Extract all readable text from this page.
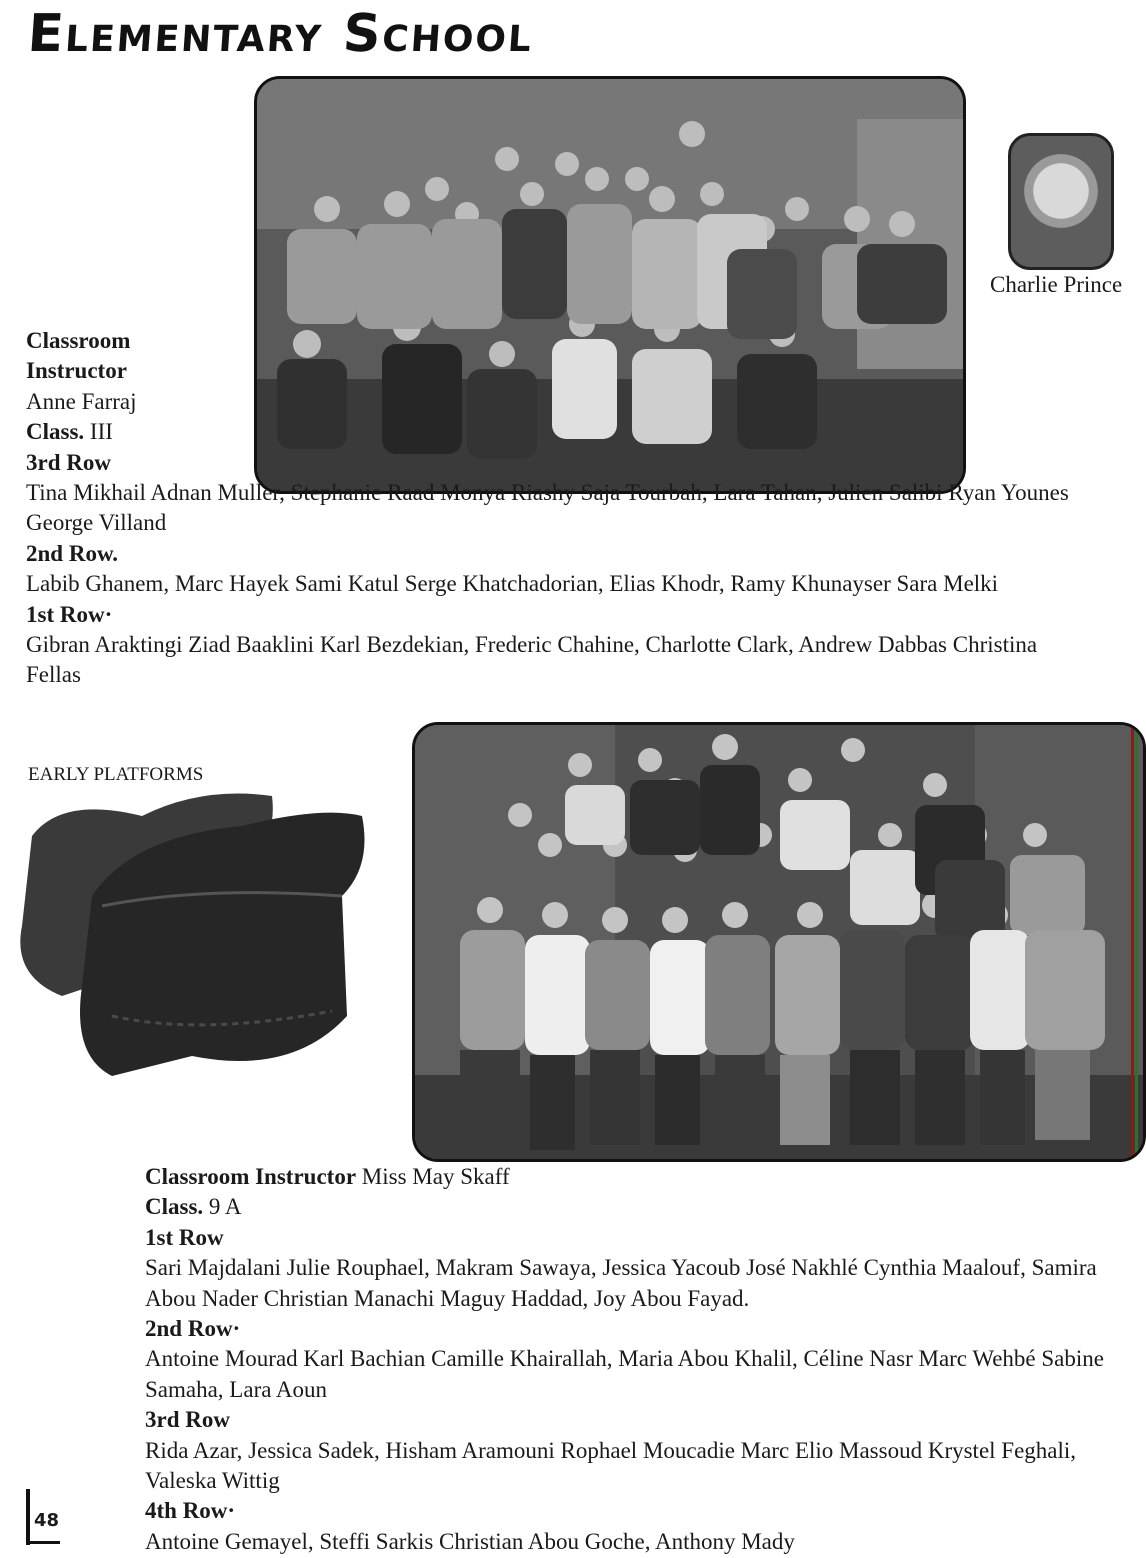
Elementary School
Charlie Prince
Classroom Instructor
Anne Farraj
Class. III
3rd Row
Tina Mikhail Adnan Muller, Stephanie Raad Monya Riashy Saja Tourbah, Lara Tahan, Julien Salibi Ryan Younes George Villand
2nd Row.
Labib Ghanem, Marc Hayek Sami Katul Serge Khatchadorian, Elias Khodr, Ramy Khunayser Sara Melki
1st Row·
Gibran Araktingi Ziad Baaklini Karl Bezdekian, Frederic Chahine, Charlotte Clark, Andrew Dabbas Christina Fellas
EARLY PLATFORMS
Classroom Instructor Miss May Skaff
Class. 9 A
1st Row
Sari Majdalani Julie Rouphael, Makram Sawaya, Jessica Yacoub José Nakhlé Cynthia Maalouf, Samira Abou Nader Christian Manachi Maguy Haddad, Joy Abou Fayad.
2nd Row·
Antoine Mourad Karl Bachian Camille Khairallah, Maria Abou Khalil, Céline Nasr Marc Wehbé Sabine Samaha, Lara Aoun
3rd Row
Rida Azar, Jessica Sadek, Hisham Aramouni Rophael Moucadie Marc Elio Massoud Krystel Feghali, Valeska Wittig
4th Row·
Antoine Gemayel, Steffi Sarkis Christian Abou Goche, Anthony Mady
48
